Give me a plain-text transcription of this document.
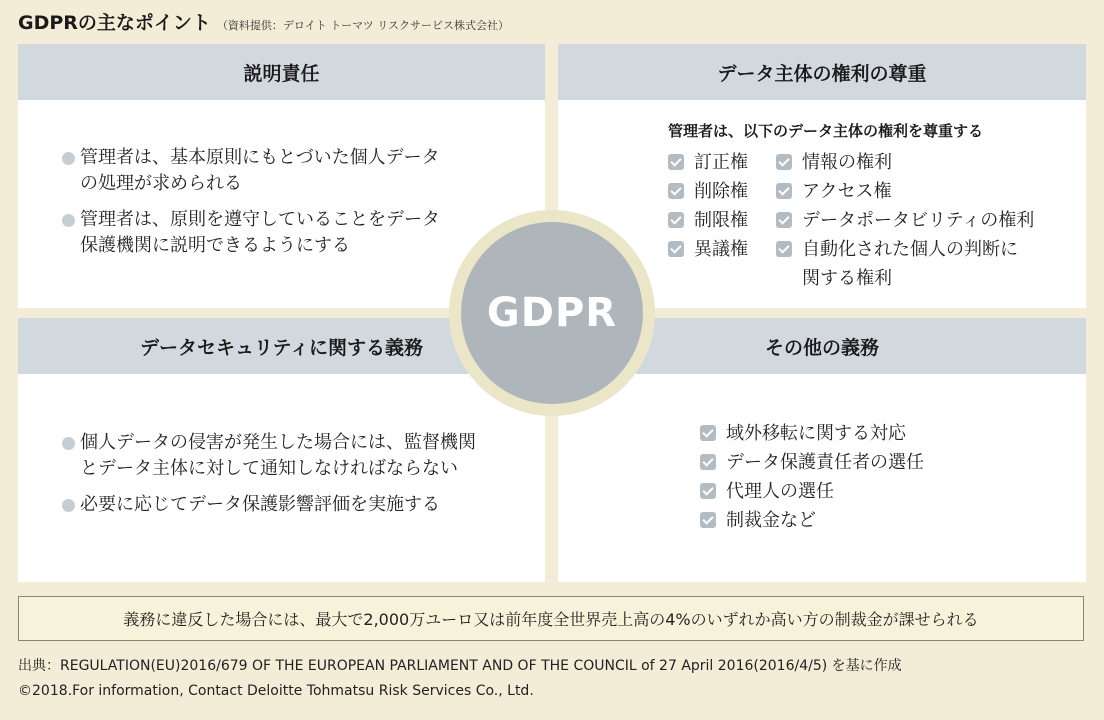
GDPRの主なポイント （資料提供：デロイト トーマツ リスクサービス株式会社）
説明責任
管理者は、基本原則にもとづいた個人データ
の処理が求められる
管理者は、原則を遵守していることをデータ
保護機関に説明できるようにする
データ主体の権利の尊重
管理者は、以下のデータ主体の権利を尊重する
訂正権
削除権
制限権
異議権
情報の権利
アクセス権
データポータビリティの権利
自動化された個人の判断に
関する権利
データセキュリティに関する義務
個人データの侵害が発生した場合には、監督機関
とデータ主体に対して通知しなければならない
必要に応じてデータ保護影響評価を実施する
その他の義務
域外移転に関する対応
データ保護責任者の選任
代理人の選任
制裁金など
GDPR
義務に違反した場合には、最大で2,000万ユーロ又は前年度全世界売上高の4%のいずれか高い方の制裁金が課せられる
出典：REGULATION(EU)2016/679 OF THE EUROPEAN PARLIAMENT AND OF THE COUNCIL of 27 April 2016(2016/4/5) を基に作成
©2018.For information, Contact Deloitte Tohmatsu Risk Services Co., Ltd.
